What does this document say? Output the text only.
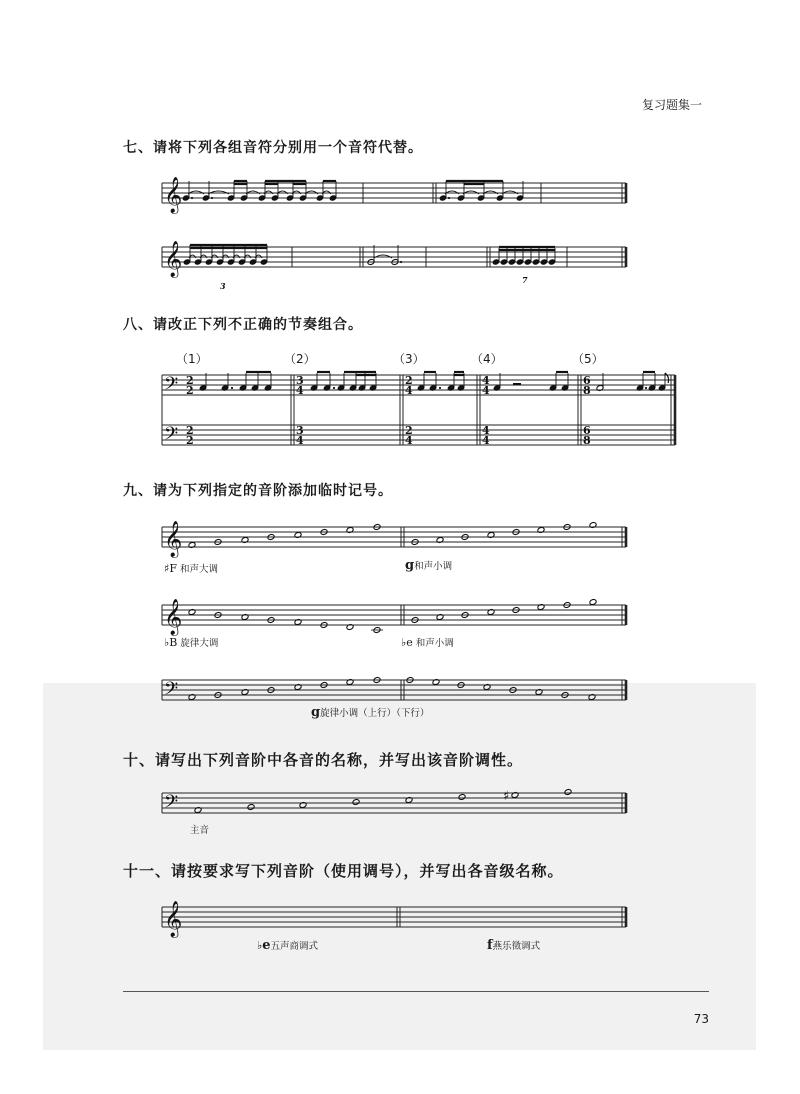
复习题集一
七、请将下列各组音符分别用一个音符代替。
八、请改正下列不正确的节奏组合。
九、请为下列指定的音阶添加临时记号。
十、请写出下列音阶中各音的名称，并写出该音阶调性。
十一、请按要求写下列音阶（使用调号），并写出各音级名称。
（1）	（2）	（3）	（4）	（5）
♯F 和声大调	g和声小调
♭B 旋律大调	♭e 和声小调
g旋律小调（上行）（下行）
主音
♭e五声商调式	f燕乐徵调式
73
𝄞
𝄞
3
7
𝄢
𝄢
2
2
2
2
3
4
3
4
2
4
2
4
4
4
4
4
6
8
6
8
𝄞
𝄞
𝄢
𝄢	♯
𝄞
